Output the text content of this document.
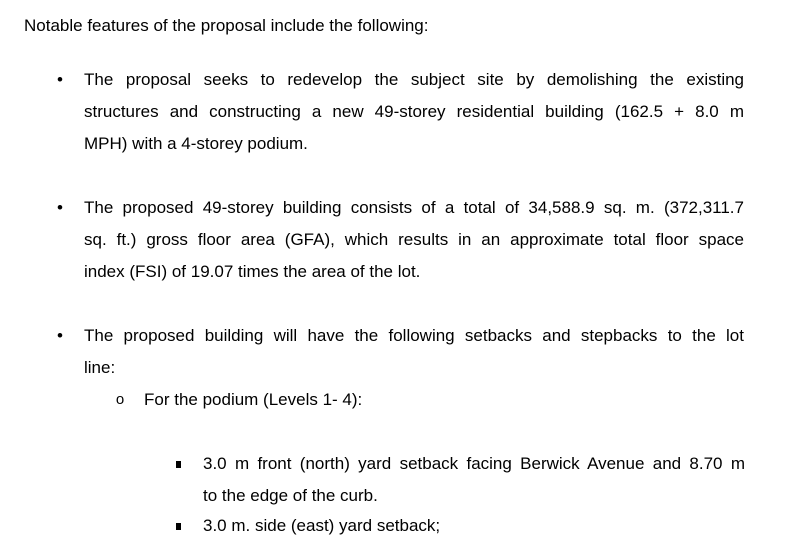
Notable features of the proposal include the following:
• The proposal seeks to redevelop the subject site by demolishing the existing
structures and constructing a new 49-storey residential building (162.5 + 8.0 m
MPH) with a 4-storey podium.
• The proposed 49-storey building consists of a total of 34,588.9 sq. m. (372,311.7
sq. ft.) gross floor area (GFA), which results in an approximate total floor space
index (FSI) of 19.07 times the area of the lot.
• The proposed building will have the following setbacks and stepbacks to the lot
line:
o For the podium (Levels 1- 4):
3.0 m front (north) yard setback facing Berwick Avenue and 8.70 m
to the edge of the curb.
3.0 m. side (east) yard setback;
